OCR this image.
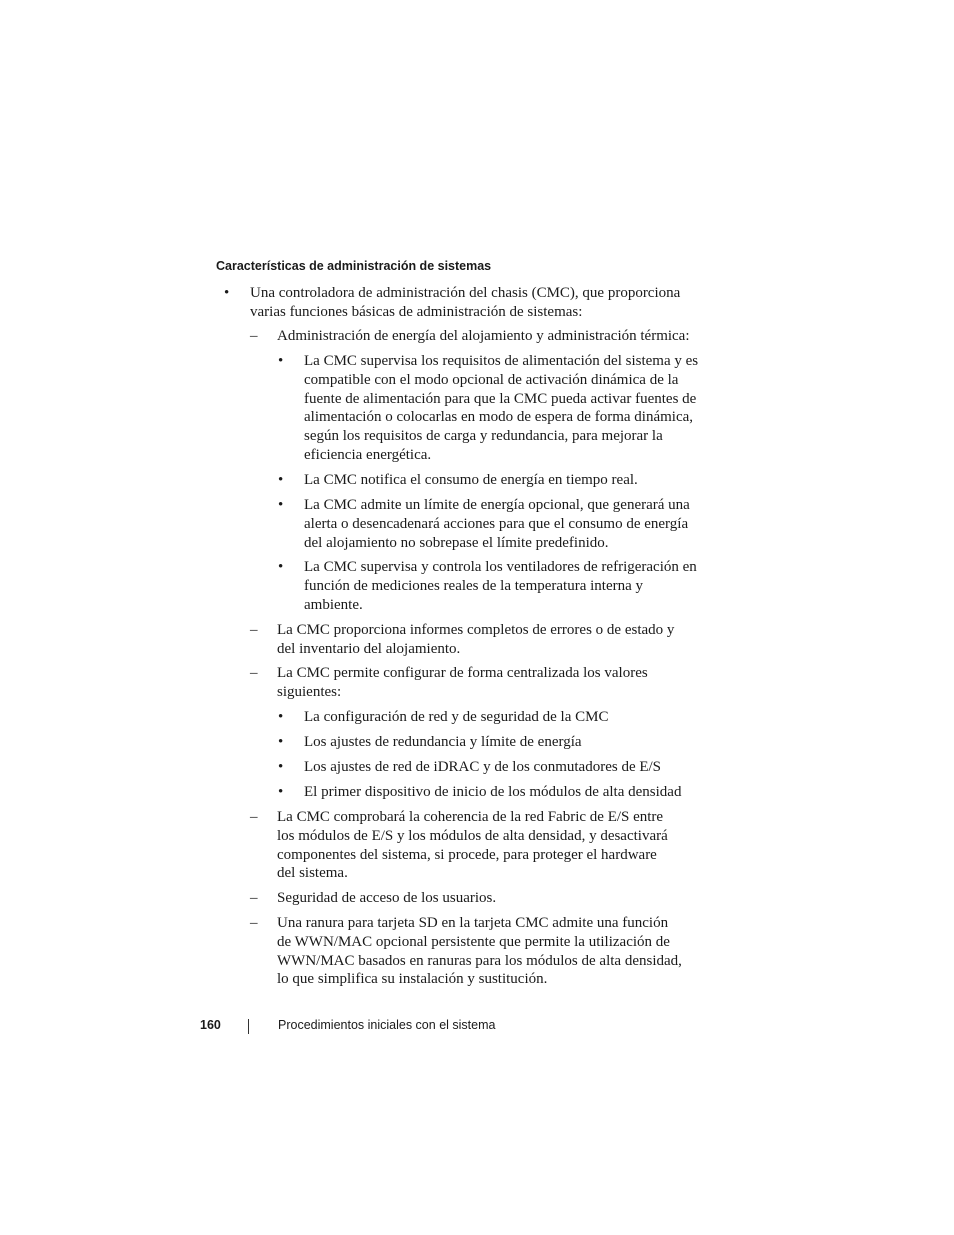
Características de administración de sistemas
• Una controladora de administración del chasis (CMC), que proporciona
varias funciones básicas de administración de sistemas:
– Administración de energía del alojamiento y administración térmica:
• La CMC supervisa los requisitos de alimentación del sistema y es
compatible con el modo opcional de activación dinámica de la
fuente de alimentación para que la CMC pueda activar fuentes de
alimentación o colocarlas en modo de espera de forma dinámica,
según los requisitos de carga y redundancia, para mejorar la
eficiencia energética.
• La CMC notifica el consumo de energía en tiempo real.
• La CMC admite un límite de energía opcional, que generará una
alerta o desencadenará acciones para que el consumo de energía
del alojamiento no sobrepase el límite predefinido.
• La CMC supervisa y controla los ventiladores de refrigeración en
función de mediciones reales de la temperatura interna y
ambiente.
– La CMC proporciona informes completos de errores o de estado y
del inventario del alojamiento.
– La CMC permite configurar de forma centralizada los valores
siguientes:
• La configuración de red y de seguridad de la CMC
• Los ajustes de redundancia y límite de energía
• Los ajustes de red de iDRAC y de los conmutadores de E/S
• El primer dispositivo de inicio de los módulos de alta densidad
– La CMC comprobará la coherencia de la red Fabric de E/S entre
los módulos de E/S y los módulos de alta densidad, y desactivará
componentes del sistema, si procede, para proteger el hardware
del sistema.
– Seguridad de acceso de los usuarios.
– Una ranura para tarjeta SD en la tarjeta CMC admite una función
de WWN/MAC opcional persistente que permite la utilización de
WWN/MAC basados en ranuras para los módulos de alta densidad,
lo que simplifica su instalación y sustitución.
160	Procedimientos iniciales con el sistema
